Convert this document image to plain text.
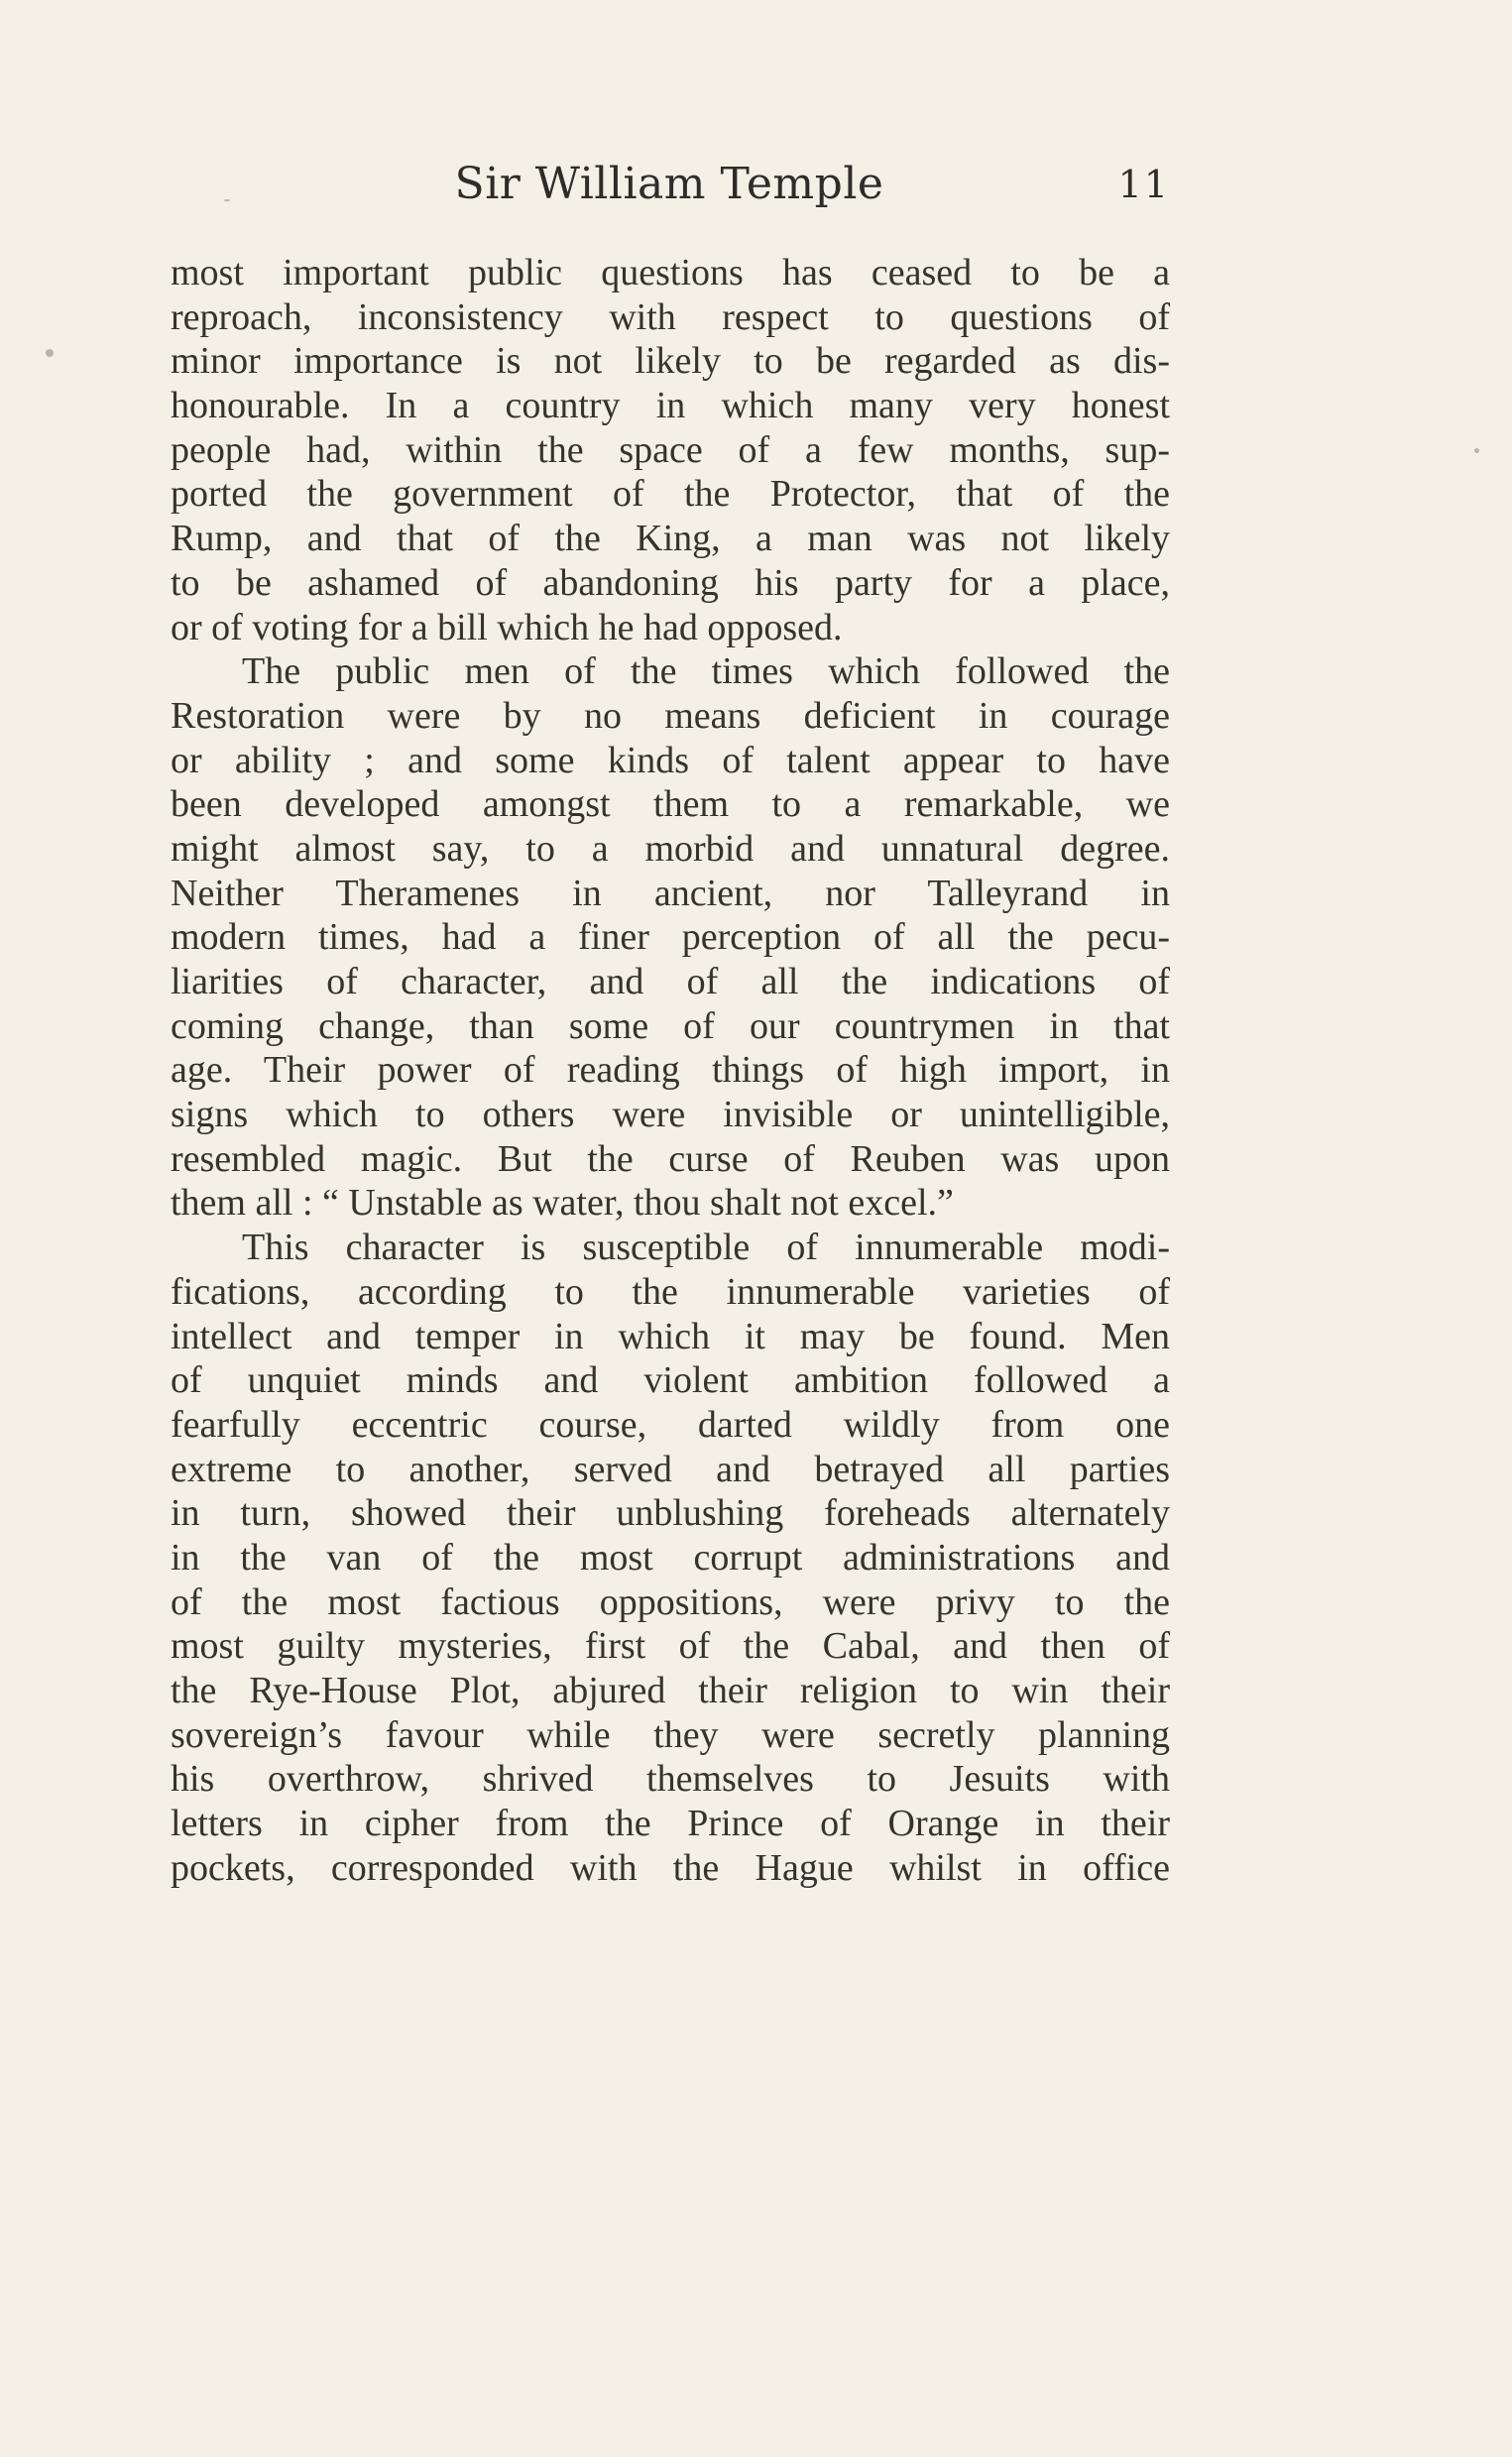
Sir William Temple	11
most important public questions has ceased to be a
reproach, inconsistency with respect to questions of
minor importance is not likely to be regarded as dis-
honourable. In a country in which many very honest
people had, within the space of a few months, sup-
ported the government of the Protector, that of the
Rump, and that of the King, a man was not likely
to be ashamed of abandoning his party for a place,
or of voting for a bill which he had opposed.
The public men of the times which followed the
Restoration were by no means deficient in courage
or ability ; and some kinds of talent appear to have
been developed amongst them to a remarkable, we
might almost say, to a morbid and unnatural degree.
Neither Theramenes in ancient, nor Talleyrand in
modern times, had a finer perception of all the pecu-
liarities of character, and of all the indications of
coming change, than some of our countrymen in that
age. Their power of reading things of high import, in
signs which to others were invisible or unintelligible,
resembled magic. But the curse of Reuben was upon
them all : “ Unstable as water, thou shalt not excel.”
This character is susceptible of innumerable modi-
fications, according to the innumerable varieties of
intellect and temper in which it may be found. Men
of unquiet minds and violent ambition followed a
fearfully eccentric course, darted wildly from one
extreme to another, served and betrayed all parties
in turn, showed their unblushing foreheads alternately
in the van of the most corrupt administrations and
of the most factious oppositions, were privy to the
most guilty mysteries, first of the Cabal, and then of
the Rye-House Plot, abjured their religion to win their
sovereign’s favour while they were secretly planning
his overthrow, shrived themselves to Jesuits with
letters in cipher from the Prince of Orange in their
pockets, corresponded with the Hague whilst in office
